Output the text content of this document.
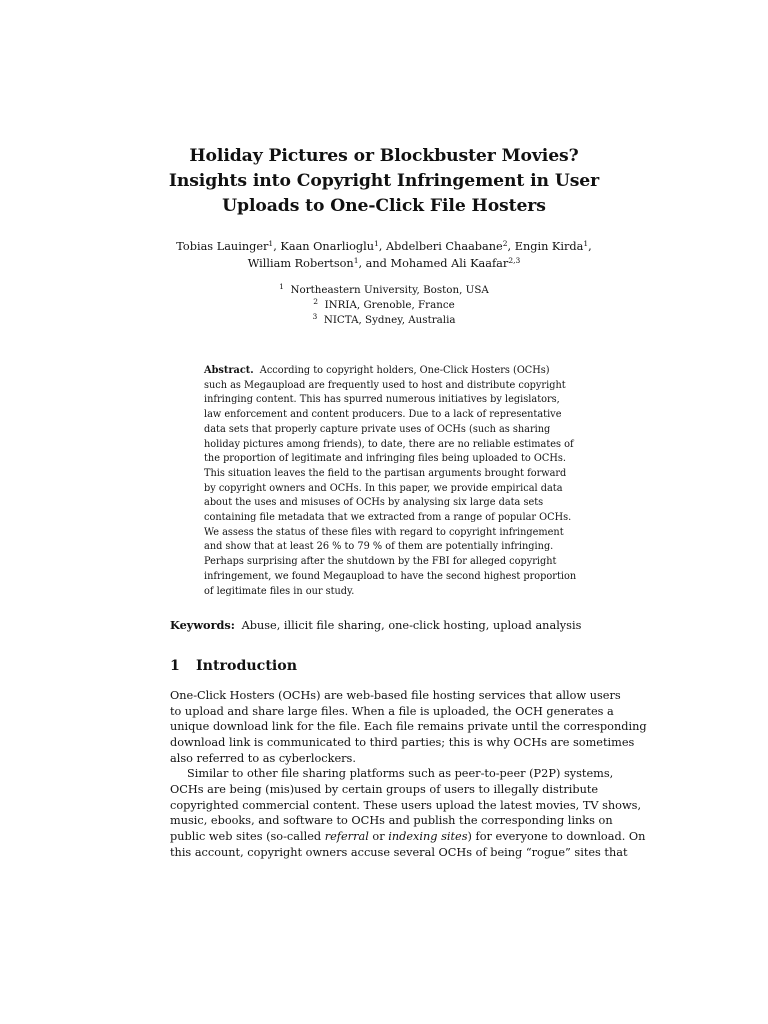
Holiday Pictures or Blockbuster Movies?
Insights into Copyright Infringement in User
Uploads to One-Click File Hosters
Tobias Lauinger$^1$, Kaan Onarlioglu$^1$, Abdelberi Chaabane$^2$, Engin Kirda$^1$,
William Robertson$^1$, and Mohamed Ali Kaafar$^{2,3}$
$^1$ Northeastern University, Boston, USA
$^2$ INRIA, Grenoble, France
$^3$ NICTA, Sydney, Australia
Abstract. According to copyright holders, One-Click Hosters (OCHs)
such as Megaupload are frequently used to host and distribute copyright
infringing content. This has spurred numerous initiatives by legislators,
law enforcement and content producers. Due to a lack of representative
data sets that properly capture private uses of OCHs (such as sharing
holiday pictures among friends), to date, there are no reliable estimates of
the proportion of legitimate and infringing files being uploaded to OCHs.
This situation leaves the field to the partisan arguments brought forward
by copyright owners and OCHs. In this paper, we provide empirical data
about the uses and misuses of OCHs by analysing six large data sets
containing file metadata that we extracted from a range of popular OCHs.
We assess the status of these files with regard to copyright infringement
and show that at least 26 % to 79 % of them are potentially infringing.
Perhaps surprising after the shutdown by the FBI for alleged copyright
infringement, we found Megaupload to have the second highest proportion
of legitimate files in our study.
Keywords: Abuse, illicit file sharing, one-click hosting, upload analysis
1 Introduction
One-Click Hosters (OCHs) are web-based file hosting services that allow users
to upload and share large files. When a file is uploaded, the OCH generates a
unique download link for the file. Each file remains private until the corresponding
download link is communicated to third parties; this is why OCHs are sometimes
also referred to as cyberlockers.
Similar to other file sharing platforms such as peer-to-peer (P2P) systems,
OCHs are being (mis)used by certain groups of users to illegally distribute
copyrighted commercial content. These users upload the latest movies, TV shows,
music, ebooks, and software to OCHs and publish the corresponding links on
public web sites (so-called referral or indexing sites) for everyone to download. On
this account, copyright owners accuse several OCHs of being “rogue” sites that
